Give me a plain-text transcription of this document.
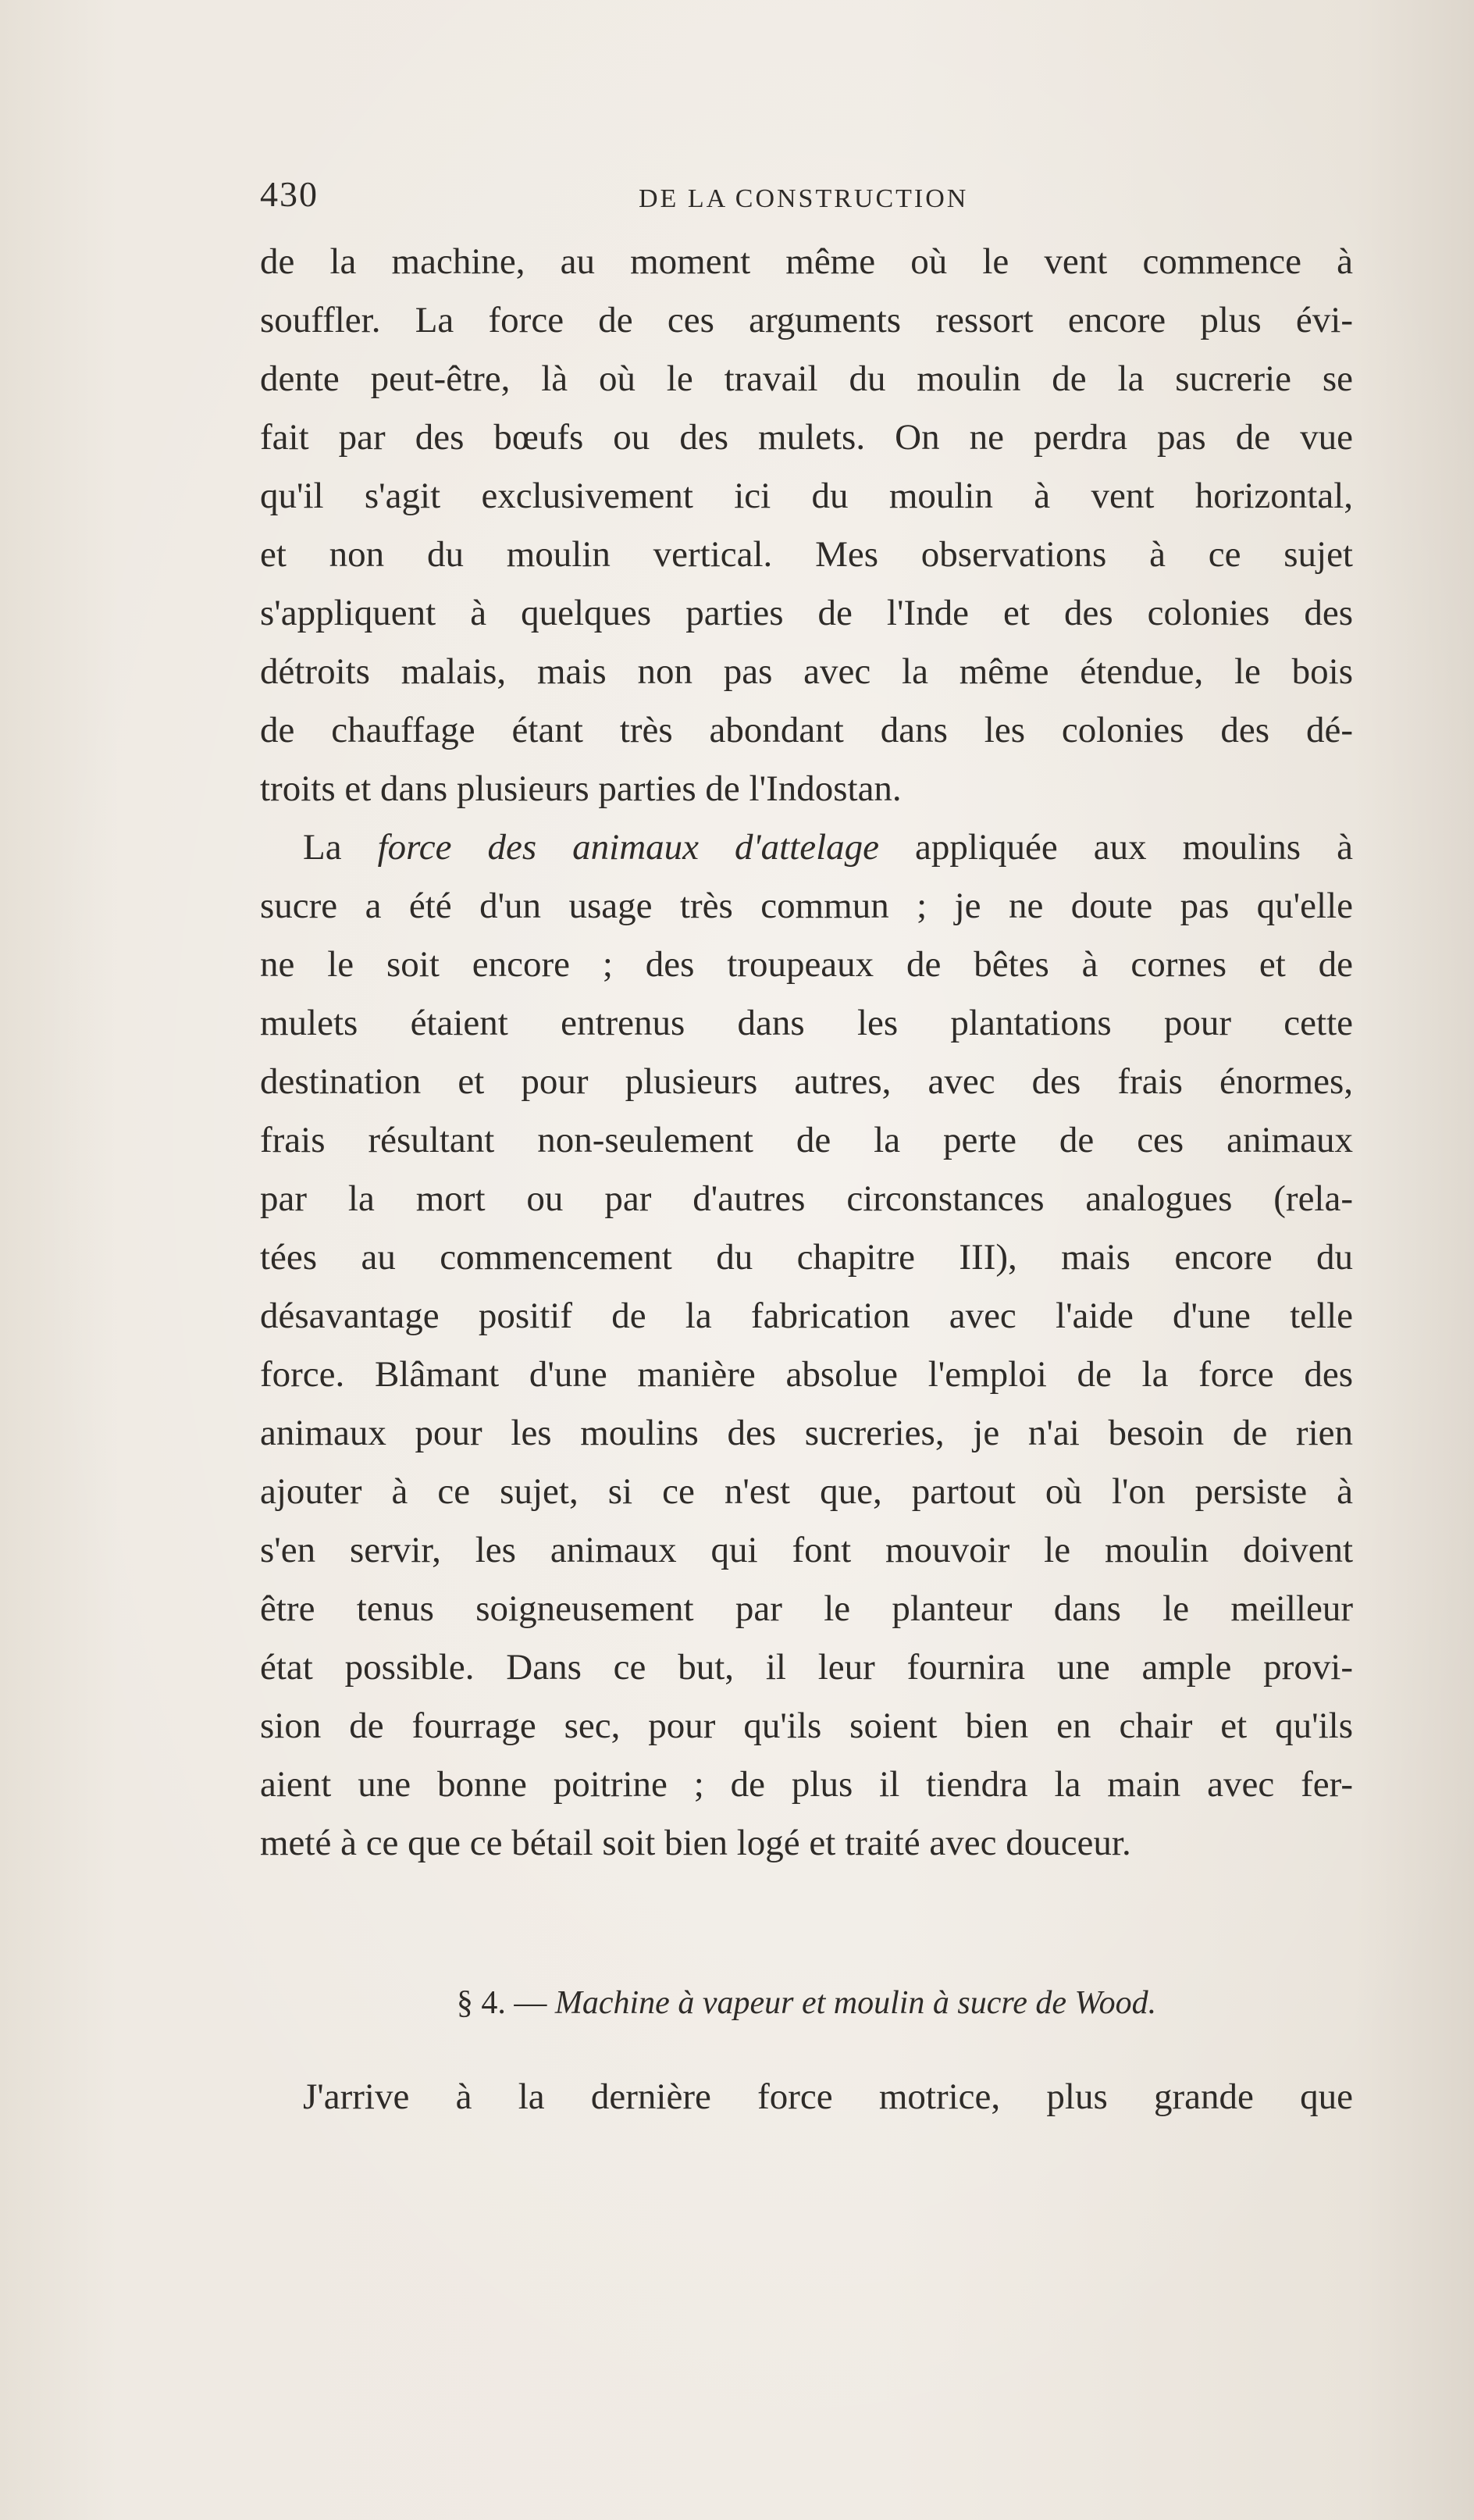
430	DE LA CONSTRUCTION
de la machine, au moment même où le vent commence à
souffler. La force de ces arguments ressort encore plus évi-
dente peut-être, là où le travail du moulin de la sucrerie se
fait par des bœufs ou des mulets. On ne perdra pas de vue
qu'il s'agit exclusivement ici du moulin à vent horizontal,
et non du moulin vertical. Mes observations à ce sujet
s'appliquent à quelques parties de l'Inde et des colonies des
détroits malais, mais non pas avec la même étendue, le bois
de chauffage étant très abondant dans les colonies des dé-
troits et dans plusieurs parties de l'Indostan.
La force des animaux d'attelage appliquée aux moulins à
sucre a été d'un usage très commun ; je ne doute pas qu'elle
ne le soit encore ; des troupeaux de bêtes à cornes et de
mulets étaient entrenus dans les plantations pour cette
destination et pour plusieurs autres, avec des frais énormes,
frais résultant non-seulement de la perte de ces animaux
par la mort ou par d'autres circonstances analogues (rela-
tées au commencement du chapitre III), mais encore du
désavantage positif de la fabrication avec l'aide d'une telle
force. Blâmant d'une manière absolue l'emploi de la force des
animaux pour les moulins des sucreries, je n'ai besoin de rien
ajouter à ce sujet, si ce n'est que, partout où l'on persiste à
s'en servir, les animaux qui font mouvoir le moulin doivent
être tenus soigneusement par le planteur dans le meilleur
état possible. Dans ce but, il leur fournira une ample provi-
sion de fourrage sec, pour qu'ils soient bien en chair et qu'ils
aient une bonne poitrine ; de plus il tiendra la main avec fer-
meté à ce que ce bétail soit bien logé et traité avec douceur.
§ 4. — Machine à vapeur et moulin à sucre de Wood.
J'arrive à la dernière force motrice, plus grande que
